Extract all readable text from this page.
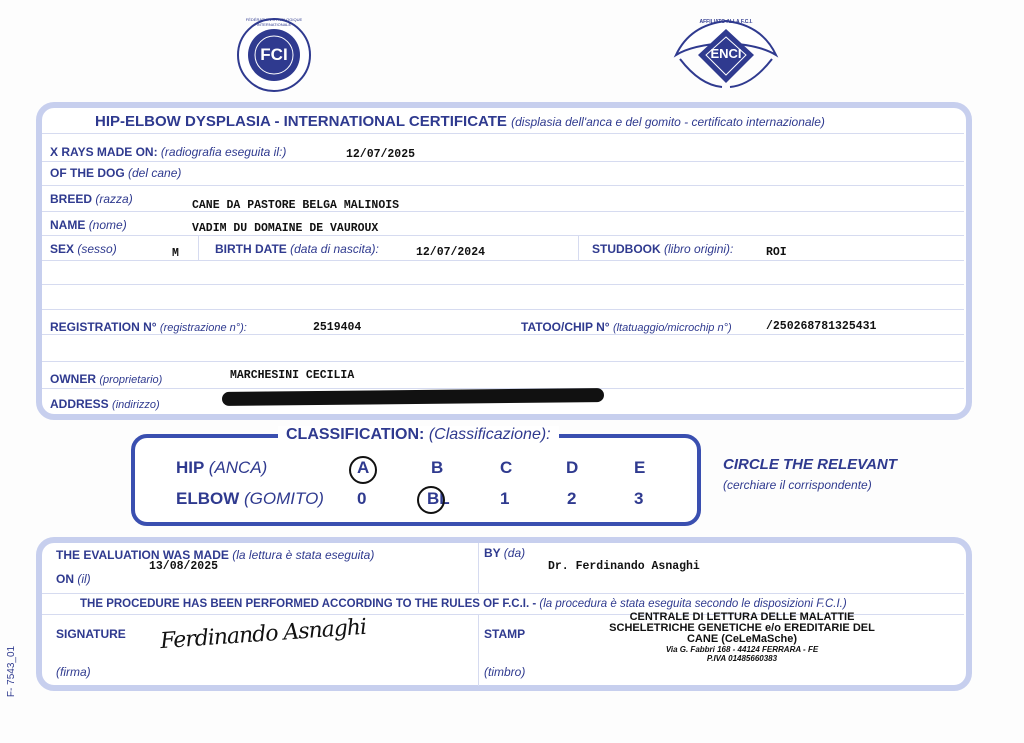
FCI
FÉDÉRATION CYNOLOGIQUE INTERNATIONALE
ENCI
AFFILIATO ALLA F.C.I.
HIP-ELBOW DYSPLASIA - INTERNATIONAL CERTIFICATE (displasia dell'anca e del gomito - certificato internazionale)
X RAYS MADE ON: (radiografia eseguita il:)	12/07/2025
OF THE DOG (del cane)
BREED (razza)	CANE DA PASTORE BELGA MALINOIS
NAME (nome)	VADIM DU DOMAINE DE VAUROUX
SEX (sesso)	M	BIRTH DATE (data di nascita):	12/07/2024	STUDBOOK (libro origini):	ROI
REGISTRATION N° (registrazione n°):	2519404	TATOO/CHIP N° (ltatuaggio/microchip n°)	/250268781325431
OWNER (proprietario)	MARCHESINI CECILIA
ADDRESS (indirizzo)
CLASSIFICATION: (Classificazione):
HIP (ANCA)	A	B	C	D	E
ELBOW (GOMITO) 0	BL	1	2	3
CIRCLE THE RELEVANT
(cerchiare il corrispondente)
THE EVALUATION WAS MADE (la lettura è stata eseguita)
ON (il)
13/08/2025
BY (da)
Dr. Ferdinando Asnaghi
THE PROCEDURE HAS BEEN PERFORMED ACCORDING TO THE RULES OF F.C.I. - (la procedura è stata eseguita secondo le disposizioni F.C.I.)
SIGNATURE
(firma)
Ferdinando Asnaghi	STAMP
(timbro)
CENTRALE DI LETTURA DELLE MALATTIE
SCHELETRICHE GENETICHE e/o EREDITARIE DEL
CANE (CeLeMaSche)
Via G. Fabbri 168 - 44124 FERRARA - FE
P.IVA 01485660383
F- 7543_01
